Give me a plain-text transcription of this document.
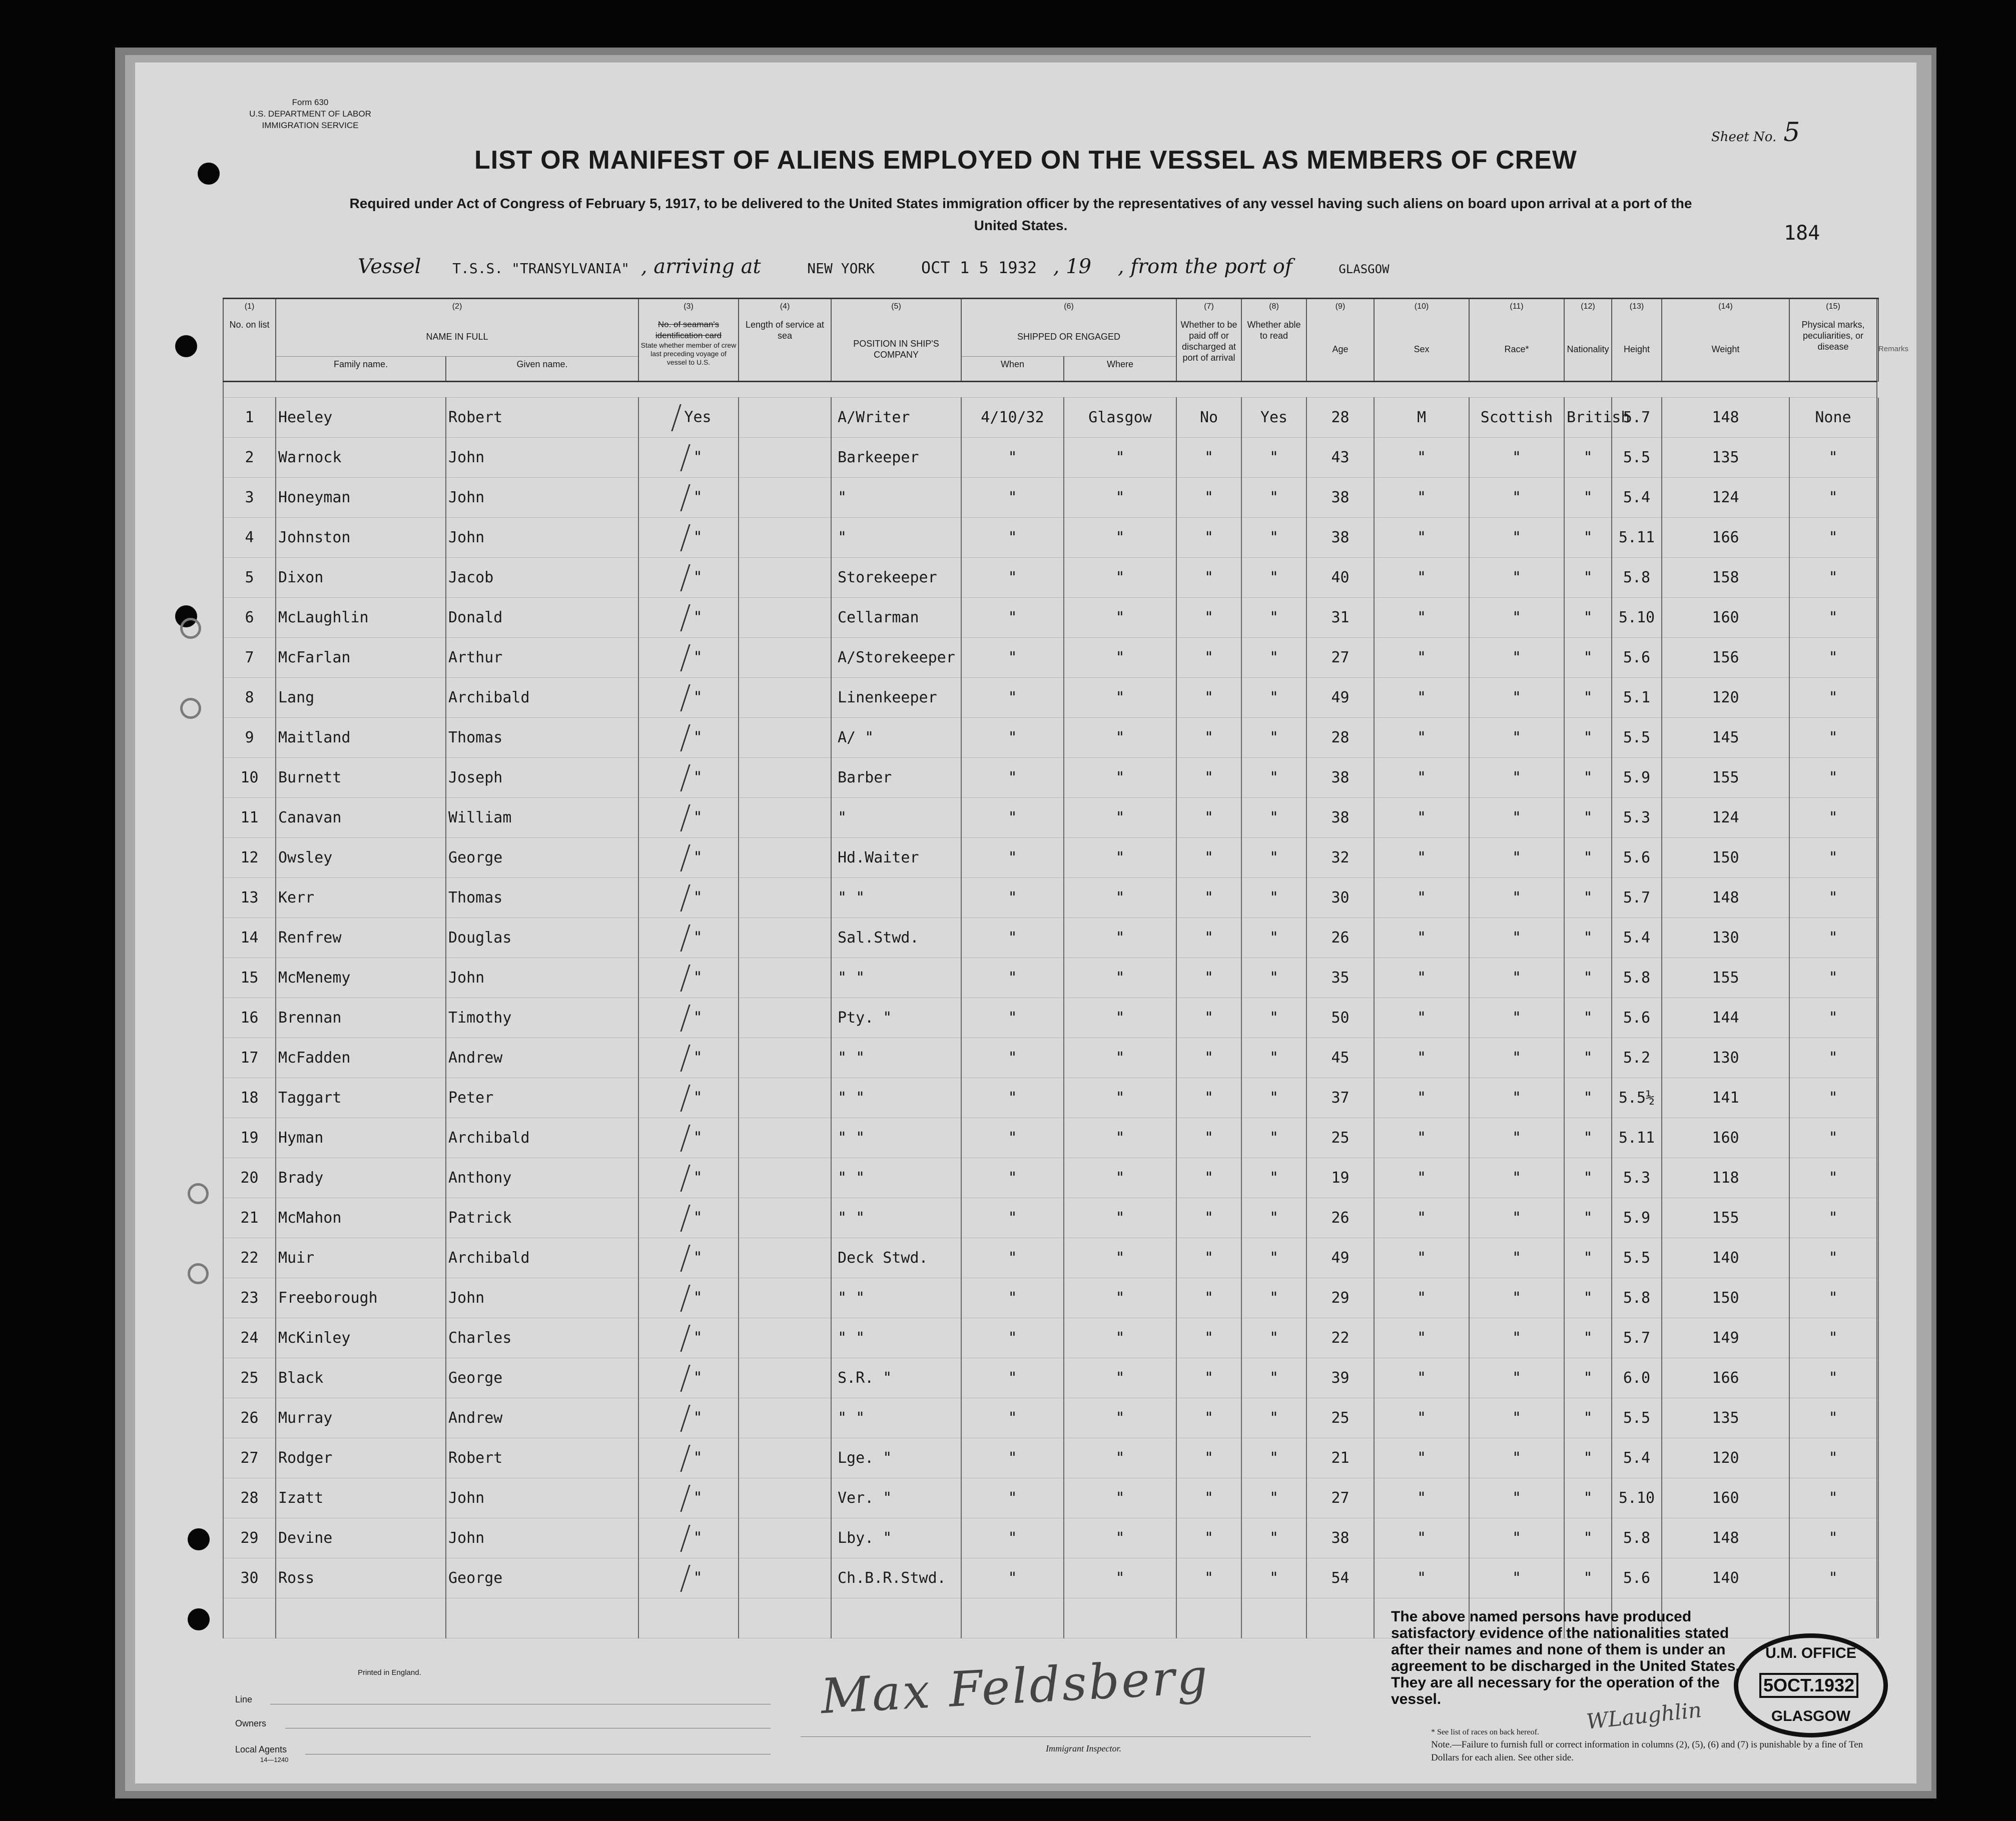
Form 630
U.S. DEPARTMENT OF LABOR
IMMIGRATION SERVICE
Sheet No. 5
LIST OR MANIFEST OF ALIENS EMPLOYED ON THE VESSEL AS MEMBERS OF CREW
Required under Act of Congress of February 5, 1917, to be delivered to the United States immigration officer by the representatives of any vessel having such aliens on board upon arrival at a port of the United States.	184
Vessel T.S.S. "TRANSYLVANIA" , arriving at	NEW YORK	OCT 1 5 1932 , 19 , from the port of	GLASGOW
(1)	(2)		(3)	(4)	(5)	(6)		(7)	(8)	(9)	(10)	(11)	(12)	(13)	(14)	(15)	
No. on list	NAME IN FULL		No. of seaman's identification card
State whether member of crew last preceding voyage of vessel to U.S.	Length of service at sea	POSITION IN SHIP'S COMPANY	SHIPPED OR ENGAGED		Whether to be paid off or discharged at port of arrival	Whether able to read	Age	Sex	Race*	Nationality	Height	Weight	Physical marks, peculiarities, or disease	Remarks
	Family name.	Given name.				When	Where										

1	Heeley	Robert	Yes		A/Writer	4/10/32	Glasgow	No	Yes	28	M	Scottish	British	5.7	148	None	
2	Warnock	John	"		Barkeeper	"	"	"	"	43	"	"	"	5.5	135	"	
3	Honeyman	John	"		"	"	"	"	"	38	"	"	"	5.4	124	"	
4	Johnston	John	"		"	"	"	"	"	38	"	"	"	5.11	166	"	
5	Dixon	Jacob	"		Storekeeper	"	"	"	"	40	"	"	"	5.8	158	"	
6	McLaughlin	Donald	"		Cellarman	"	"	"	"	31	"	"	"	5.10	160	"	
7	McFarlan	Arthur	"		A/Storekeeper	"	"	"	"	27	"	"	"	5.6	156	"	
8	Lang	Archibald	"		Linenkeeper	"	"	"	"	49	"	"	"	5.1	120	"	
9	Maitland	Thomas	"		A/ "	"	"	"	"	28	"	"	"	5.5	145	"	
10	Burnett	Joseph	"		Barber	"	"	"	"	38	"	"	"	5.9	155	"	
11	Canavan	William	"		"	"	"	"	"	38	"	"	"	5.3	124	"	
12	Owsley	George	"		Hd.Waiter	"	"	"	"	32	"	"	"	5.6	150	"	
13	Kerr	Thomas	"		" "	"	"	"	"	30	"	"	"	5.7	148	"	
14	Renfrew	Douglas	"		Sal.Stwd.	"	"	"	"	26	"	"	"	5.4	130	"	
15	McMenemy	John	"		" "	"	"	"	"	35	"	"	"	5.8	155	"	
16	Brennan	Timothy	"		Pty. "	"	"	"	"	50	"	"	"	5.6	144	"	
17	McFadden	Andrew	"		" "	"	"	"	"	45	"	"	"	5.2	130	"	
18	Taggart	Peter	"		" "	"	"	"	"	37	"	"	"	5.5½	141	"	
19	Hyman	Archibald	"		" "	"	"	"	"	25	"	"	"	5.11	160	"	
20	Brady	Anthony	"		" "	"	"	"	"	19	"	"	"	5.3	118	"	
21	McMahon	Patrick	"		" "	"	"	"	"	26	"	"	"	5.9	155	"	
22	Muir	Archibald	"		Deck Stwd.	"	"	"	"	49	"	"	"	5.5	140	"	
23	Freeborough	John	"		" "	"	"	"	"	29	"	"	"	5.8	150	"	
24	McKinley	Charles	"		" "	"	"	"	"	22	"	"	"	5.7	149	"	
25	Black	George	"		S.R. "	"	"	"	"	39	"	"	"	6.0	166	"	
26	Murray	Andrew	"		" "	"	"	"	"	25	"	"	"	5.5	135	"	
27	Rodger	Robert	"		Lge. "	"	"	"	"	21	"	"	"	5.4	120	"	
28	Izatt	John	"		Ver. "	"	"	"	"	27	"	"	"	5.10	160	"	
29	Devine	John	"		Lby. "	"	"	"	"	38	"	"	"	5.8	148	"	
30	Ross	George	"		Ch.B.R.Stwd.	"	"	"	"	54	"	"	"	5.6	140	"	

Printed in England.
Line
Owners
Local Agents
14—1240
Max Feldsberg
Immigrant Inspector.
The above named persons have produced satisfactory evidence of the nationalities stated after their names and none of them is under an agreement to be discharged in the United States. They are all necessary for the operation of the vessel.	WLaughlin
U.M. OFFICE
5OCT.1932
GLASGOW
* See list of races on back hereof.
Note.—Failure to furnish full or correct information in columns (2), (5), (6) and (7) is punishable by a fine of Ten Dollars for each alien. See other side.
